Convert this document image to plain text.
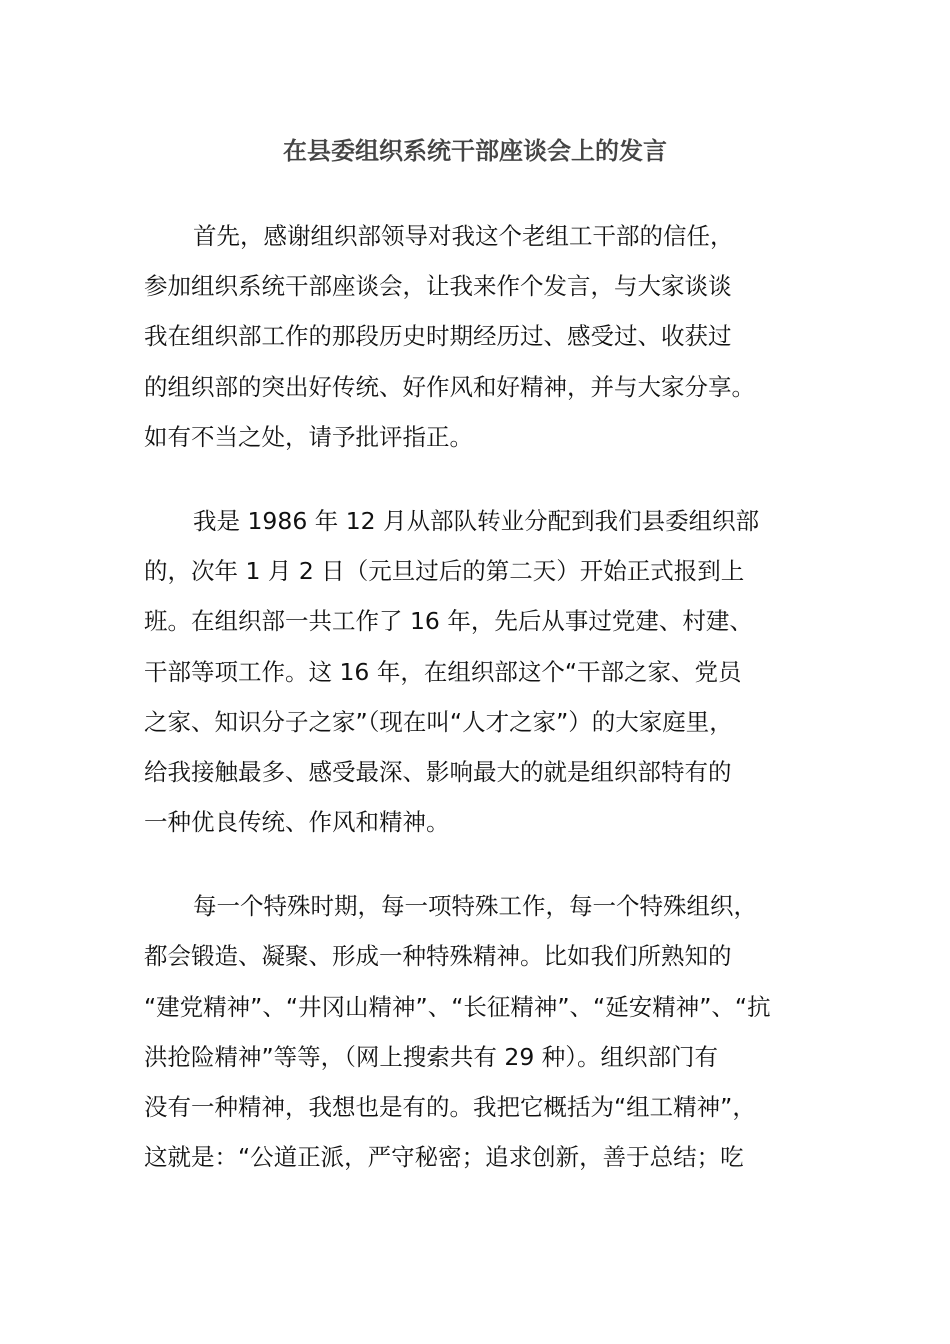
在县委组织系统干部座谈会上的发言
首先，感谢组织部领导对我这个老组工干部的信任，
参加组织系统干部座谈会，让我来作个发言，与大家谈谈
我在组织部工作的那段历史时期经历过、感受过、收获过
的组织部的突出好传统、好作风和好精神，并与大家分享。
如有不当之处，请予批评指正。
我是 1986 年 12 月从部队转业分配到我们县委组织部
的，次年 1 月 2 日（元旦过后的第二天）开始正式报到上
班。在组织部一共工作了 16 年，先后从事过党建、村建、
干部等项工作。这 16 年，在组织部这个“干部之家、党员
之家、知识分子之家”（现在叫“人才之家”）的大家庭里，
给我接触最多、感受最深、影响最大的就是组织部特有的
一种优良传统、作风和精神。
每一个特殊时期，每一项特殊工作，每一个特殊组织，
都会锻造、凝聚、形成一种特殊精神。比如我们所熟知的
“建党精神”、“井冈山精神”、“长征精神”、“延安精神”、“抗
洪抢险精神”等等，（网上搜索共有 29 种）。组织部门有
没有一种精神，我想也是有的。我把它概括为“组工精神”，
这就是：“公道正派，严守秘密；追求创新，善于总结；吃
